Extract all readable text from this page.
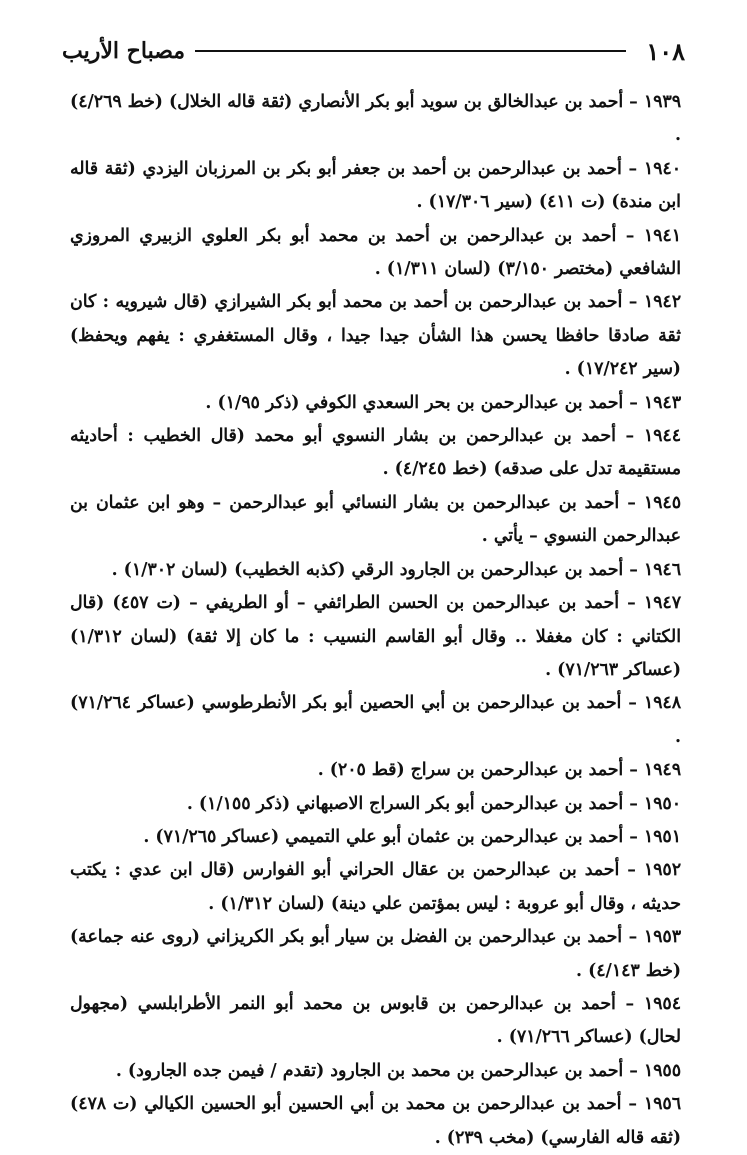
١٠٨
مصباح الأريب

١٩٣٩ – أحمد بن عبدالخالق بن سويد أبو بكر الأنصاري (ثقة قاله الخلال) (خط ٤/٢٦٩) .

١٩٤٠ – أحمد بن عبدالرحمن بن أحمد بن جعفر أبو بكر بن المرزبان اليزدي (ثقة قاله ابن مندة) (ت ٤١١) (سير ١٧/٣٠٦) .

١٩٤١ – أحمد بن عبدالرحمن بن أحمد بن محمد أبو بكر العلوي الزبيري المروزي الشافعي (مختصر ٣/١٥٠) (لسان ١/٣١١) .

١٩٤٢ – أحمد بن عبدالرحمن بن أحمد بن محمد أبو بكر الشيرازي (قال شيرويه : كان ثقة صادقا حافظا يحسن هذا الشأن جيدا جيدا ، وقال المستغفري : يفهم ويحفظ) (سير ١٧/٢٤٢) .

١٩٤٣ – أحمد بن عبدالرحمن بن بحر السعدي الكوفي (ذكر ١/٩٥) .

١٩٤٤ – أحمد بن عبدالرحمن بن بشار النسوي أبو محمد (قال الخطيب : أحاديثه مستقيمة تدل على صدقه) (خط ٤/٢٤٥) .

١٩٤٥ – أحمد بن عبدالرحمن بن بشار النسائي أبو عبدالرحمن – وهو ابن عثمان بن عبدالرحمن النسوي – يأتي .

١٩٤٦ – أحمد بن عبدالرحمن بن الجارود الرقي (كذبه الخطيب) (لسان ١/٣٠٢) .

١٩٤٧ – أحمد بن عبدالرحمن بن الحسن الطرائفي – أو الطريفي – (ت ٤٥٧) (قال الكتاني : كان مغفلا .. وقال أبو القاسم النسيب : ما كان إلا ثقة) (لسان ١/٣١٢) (عساكر ٧١/٢٦٣) .

١٩٤٨ – أحمد بن عبدالرحمن بن أبي الحصين أبو بكر الأنطرطوسي (عساكر ٧١/٢٦٤) .

١٩٤٩ – أحمد بن عبدالرحمن بن سراج (قط ٢٠٥) .

١٩٥٠ – أحمد بن عبدالرحمن أبو بكر السراج الاصبهاني (ذكر ١/١٥٥) .

١٩٥١ – أحمد بن عبدالرحمن بن عثمان أبو علي التميمي (عساكر ٧١/٢٦٥) .

١٩٥٢ – أحمد بن عبدالرحمن بن عقال الحراني أبو الفوارس (قال ابن عدي : يكتب حديثه ، وقال أبو عروبة : ليس بمؤتمن علي دينة) (لسان ١/٣١٢) .

١٩٥٣ – أحمد بن عبدالرحمن بن الفضل بن سيار أبو بكر الكريزاني (روى عنه جماعة) (خط ٤/١٤٣) .

١٩٥٤ – أحمد بن عبدالرحمن بن قابوس بن محمد أبو النمر الأطرابلسي (مجهول لحال) (عساكر ٧١/٢٦٦) .

١٩٥٥ – أحمد بن عبدالرحمن بن محمد بن الجارود (تقدم / فيمن جده الجارود) .

١٩٥٦ – أحمد بن عبدالرحمن بن محمد بن أبي الحسين أبو الحسين الكيالي (ت ٤٧٨) (ثقه قاله الفارسي) (مخب ٢٣٩) .
